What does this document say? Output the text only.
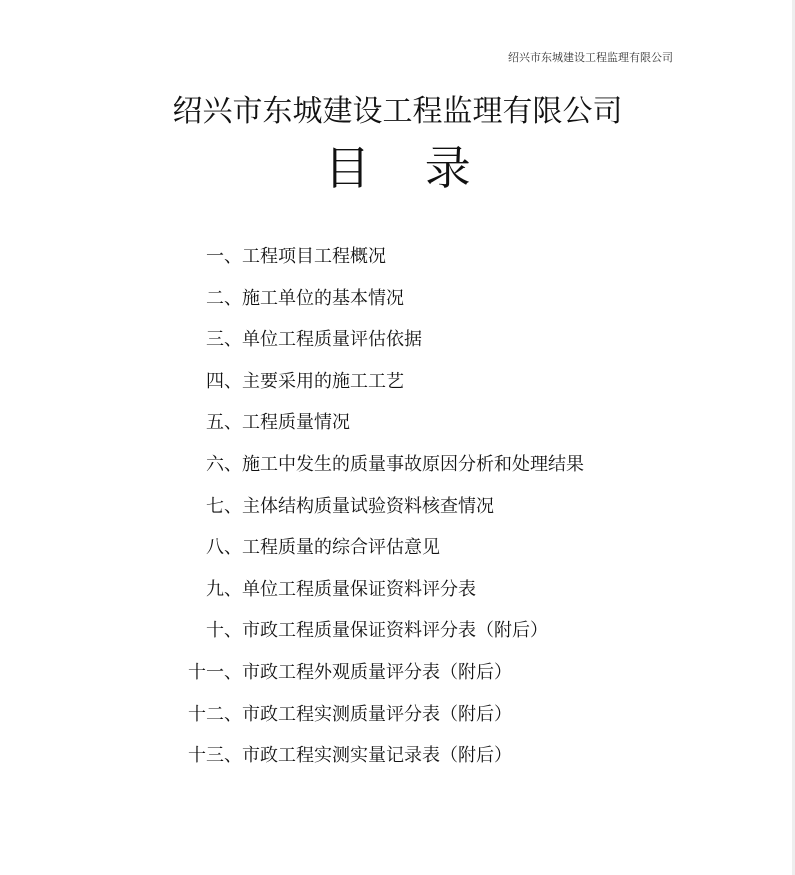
绍兴市东城建设工程监理有限公司
绍兴市东城建设工程监理有限公司
目 录
一、 工程项目工程概况
二、 施工单位的基本情况
三、 单位工程质量评估依据
四、 主要采用的施工工艺
五、 工程质量情况
六、 施工中发生的质量事故原因分析和处理结果
七、 主体结构质量试验资料核查情况
八、 工程质量的综合评估意见
九、 单位工程质量保证资料评分表
十、 市政工程质量保证资料评分表（附后）
十一、 市政工程外观质量评分表（附后）
十二、 市政工程实测质量评分表（附后）
十三、 市政工程实测实量记录表（附后）
